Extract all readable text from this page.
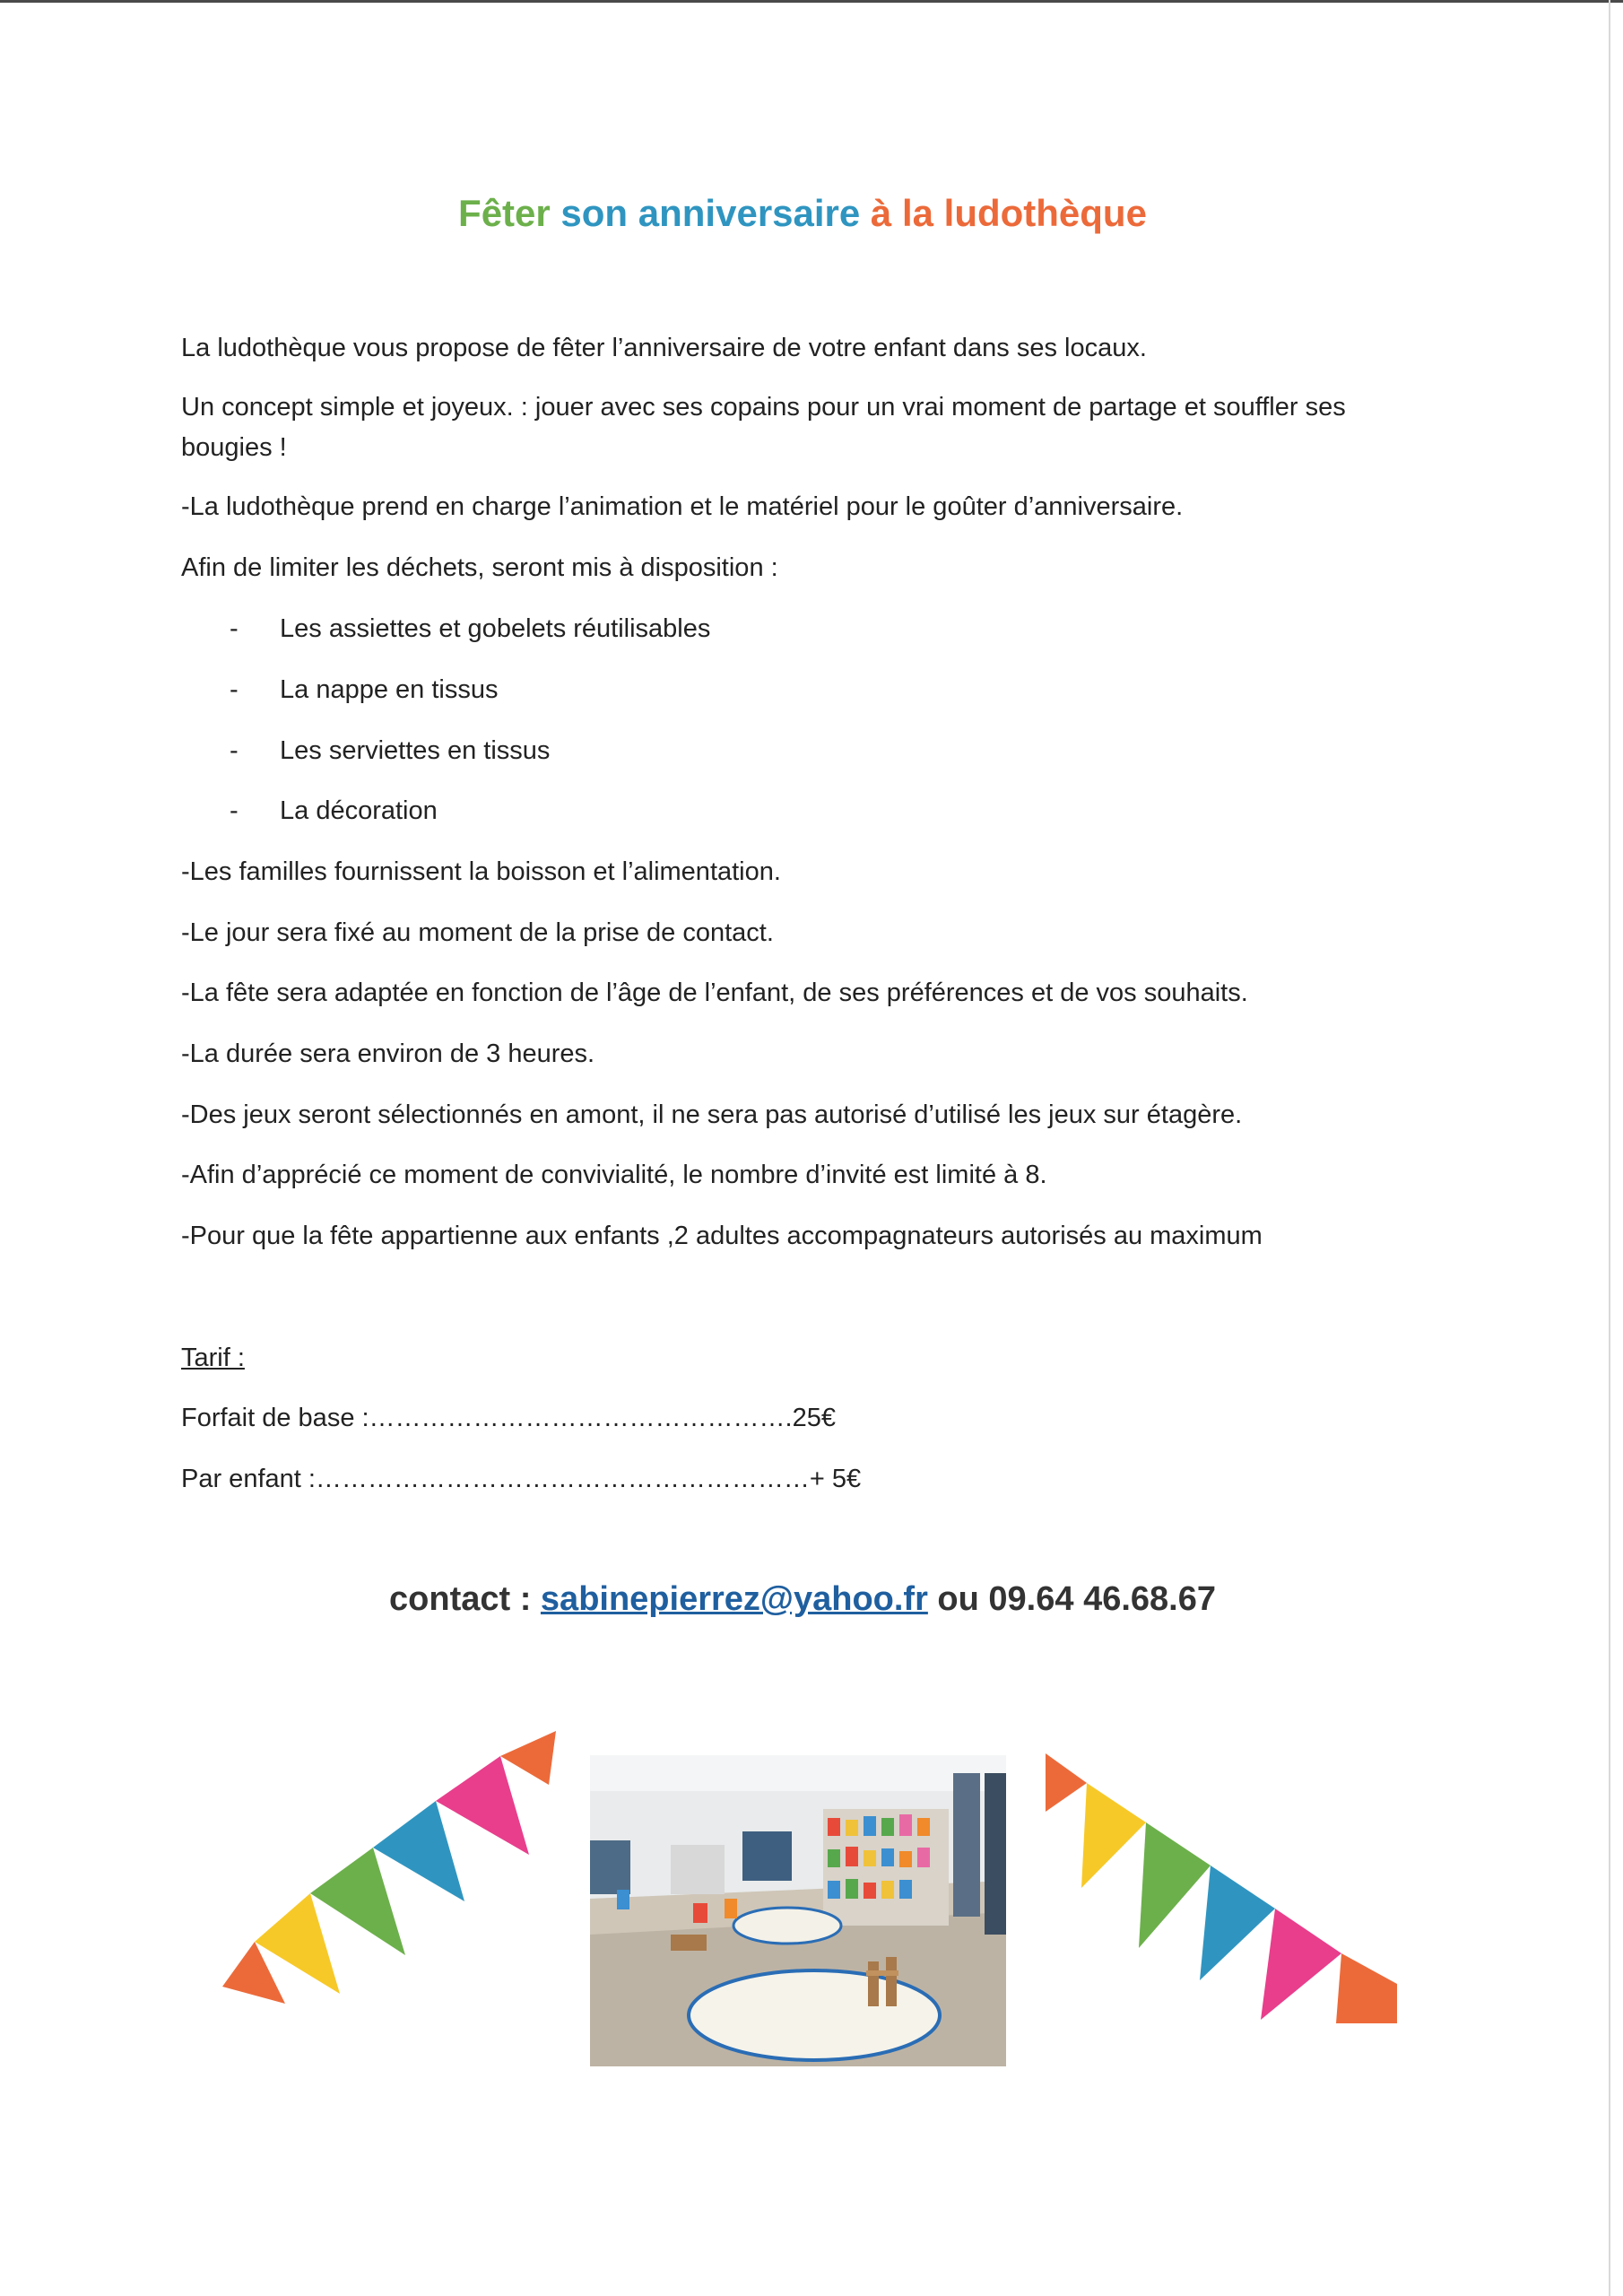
Fêter son anniversaire à la ludothèque

La ludothèque vous propose de fêter l’anniversaire de votre enfant dans ses locaux.

Un concept simple et joyeux. : jouer avec ses copains pour un vrai moment de partage et souffler ses bougies !

-La ludothèque prend en charge l’animation et le matériel pour le goûter d’anniversaire.

Afin de limiter les déchets, seront mis à disposition :

- Les assiettes et gobelets réutilisables
- La nappe en tissus
- Les serviettes en tissus
- La décoration

-Les familles fournissent la boisson et l’alimentation.

-Le jour sera fixé au moment de la prise de contact.

-La fête sera adaptée en fonction de l’âge de l’enfant, de ses préférences et de vos souhaits.

-La durée sera environ de 3 heures.

-Des jeux seront sélectionnés en amont, il ne sera pas autorisé d’utilisé les jeux sur étagère.

-Afin d’apprécié ce moment de convivialité, le nombre d’invité est limité à 8.

-Pour que la fête appartienne aux enfants ,2 adultes accompagnateurs autorisés au maximum

Tarif :

Forfait de base :………………………………………….25€

Par enfant :…………………………………………………+ 5€

contact : sabinepierrez@yahoo.fr ou 09.64 46.68.67
